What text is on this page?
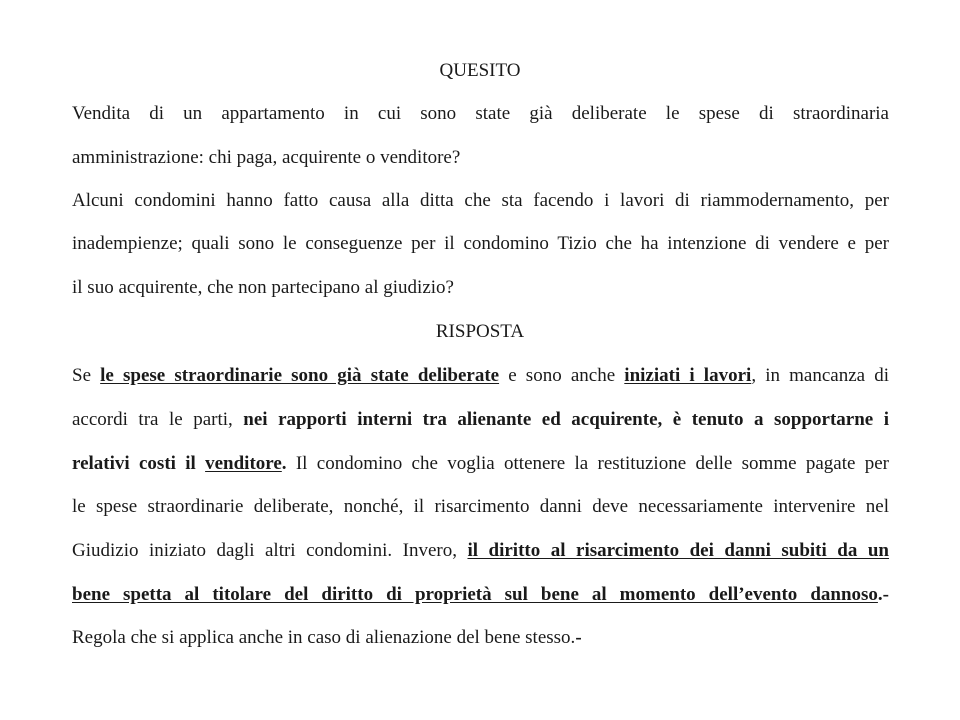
QUESITO
Vendita di un appartamento in cui sono state già deliberate le spese di straordinaria
amministrazione: chi paga, acquirente o venditore?
Alcuni condomini hanno fatto causa alla ditta che sta facendo i lavori di riammodernamento, per
inadempienze; quali sono le conseguenze per il condomino Tizio che ha intenzione di vendere e per
il suo acquirente, che non partecipano al giudizio?
RISPOSTA
Se le spese straordinarie sono già state deliberate e sono anche iniziati i lavori, in mancanza di
accordi tra le parti, nei rapporti interni tra alienante ed acquirente, è tenuto a sopportarne i
relativi costi il venditore. Il condomino che voglia ottenere la restituzione delle somme pagate per
le spese straordinarie deliberate, nonché, il risarcimento danni deve necessariamente intervenire nel
Giudizio iniziato dagli altri condomini. Invero, il diritto al risarcimento dei danni subiti da un
bene spetta al titolare del diritto di proprietà sul bene al momento dell’evento dannoso.-
Regola che si applica anche in caso di alienazione del bene stesso.-
